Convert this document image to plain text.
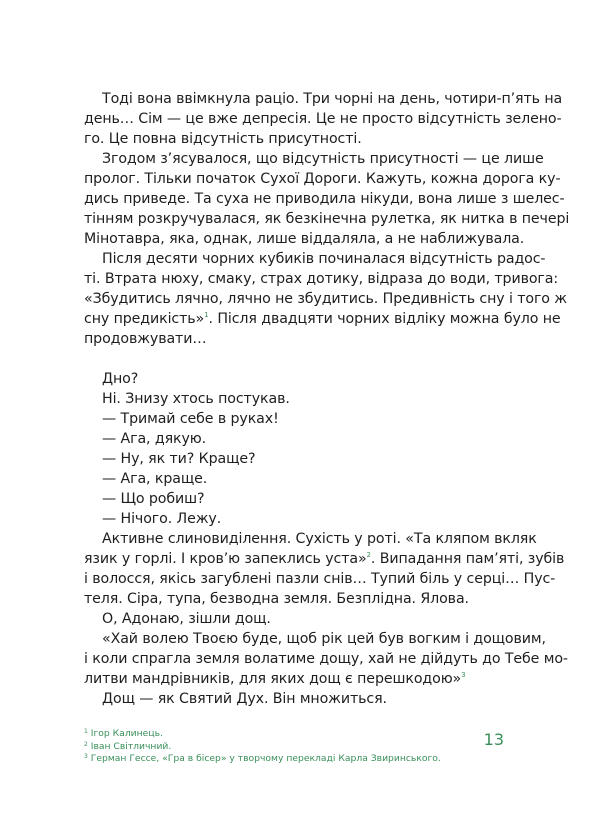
Тоді вона ввімкнула раціо. Три чорні на день, чотири-п’ять на
день… Сім — це вже депресія. Це не просто відсутність зелено-
го. Це повна відсутність присутності.
Згодом з’ясувалося, що відсутність присутності — це лише
пролог. Тільки початок Сухої Дороги. Кажуть, кожна дорога ку-
дись приведе. Та суха не приводила нікуди, вона лише з шелес-
тінням розкручувалася, як безкінечна рулетка, як нитка в печері
Мінотавра, яка, однак, лише віддаляла, а не наближувала.
Після десяти чорних кубиків починалася відсутність радос-
ті. Втрата нюху, смаку, страх дотику, відраза до води, тривога:
«Збудитись лячно, лячно не збудитись. Предивність сну і того ж
сну предикість»$^1$. Після двадцяти чорних відліку можна було не
продовжувати…
Дно?
Ні. Знизу хтось постукав.
— Тримай себе в руках!
— Ага, дякую.
— Ну, як ти? Краще?
— Ага, краще.
— Що робиш?
— Нічого. Лежу.
Активне слиновиділення. Сухість у роті. «Та кляпом вкляк
язик у горлі. І кров’ю запеклись уста»$^2$. Випадання пам’яті, зубів
і волосся, якісь загублені пазли снів… Тупий біль у серці… Пус-
теля. Сіра, тупа, безводна земля. Безплідна. Ялова.
О, Адонаю, зішли дощ.
«Хай волею Твоєю буде, щоб рік цей був вогким і дощовим,
і коли спрагла земля волатиме дощу, хай не дійдуть до Тебе мо-
литви мандрівників, для яких дощ є перешкодою»$^3$
Дощ — як Святий Дух. Він множиться.
13
$^1$ Ігор Калинець.
$^2$ Іван Світличний.
$^3$ Герман Гессе, «Гра в бісер» у творчому перекладі Карла Звиринського.
